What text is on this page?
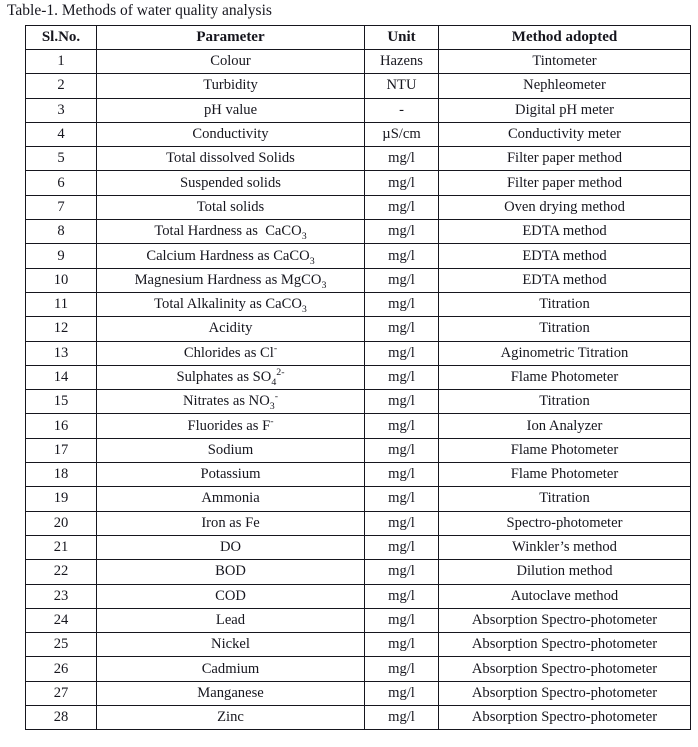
Table-1. Methods of water quality analysis
Sl.No.	Parameter	Unit	Method adopted
1	Colour	Hazens	Tintometer
2	Turbidity	NTU	Nephleometer
3	pH value	-	Digital pH meter
4	Conductivity	µS/cm	Conductivity meter
5	Total dissolved Solids	mg/l	Filter paper method
6	Suspended solids	mg/l	Filter paper method
7	Total solids	mg/l	Oven drying method
8	Total Hardness as  CaCO$_3$	mg/l	EDTA method
9	Calcium Hardness as CaCO$_3$	mg/l	EDTA method
10	Magnesium Hardness as MgCO$_3$	mg/l	EDTA method
11	Total Alkalinity as CaCO$_3$	mg/l	Titration
12	Acidity	mg/l	Titration
13	Chlorides as Cl-	mg/l	Aginometric Titration
14	Sulphates as $SO_4^{2-}$	mg/l	Flame Photometer
15	Nitrates as $NO_3^-$	mg/l	Titration
16	Fluorides as F-	mg/l	Ion Analyzer
17	Sodium	mg/l	Flame Photometer
18	Potassium	mg/l	Flame Photometer
19	Ammonia	mg/l	Titration
20	Iron as Fe	mg/l	Spectro-photometer
21	DO	mg/l	Winkler’s method
22	BOD	mg/l	Dilution method
23	COD	mg/l	Autoclave method
24	Lead	mg/l	Absorption Spectro-photometer
25	Nickel	mg/l	Absorption Spectro-photometer
26	Cadmium	mg/l	Absorption Spectro-photometer
27	Manganese	mg/l	Absorption Spectro-photometer
28	Zinc	mg/l	Absorption Spectro-photometer
